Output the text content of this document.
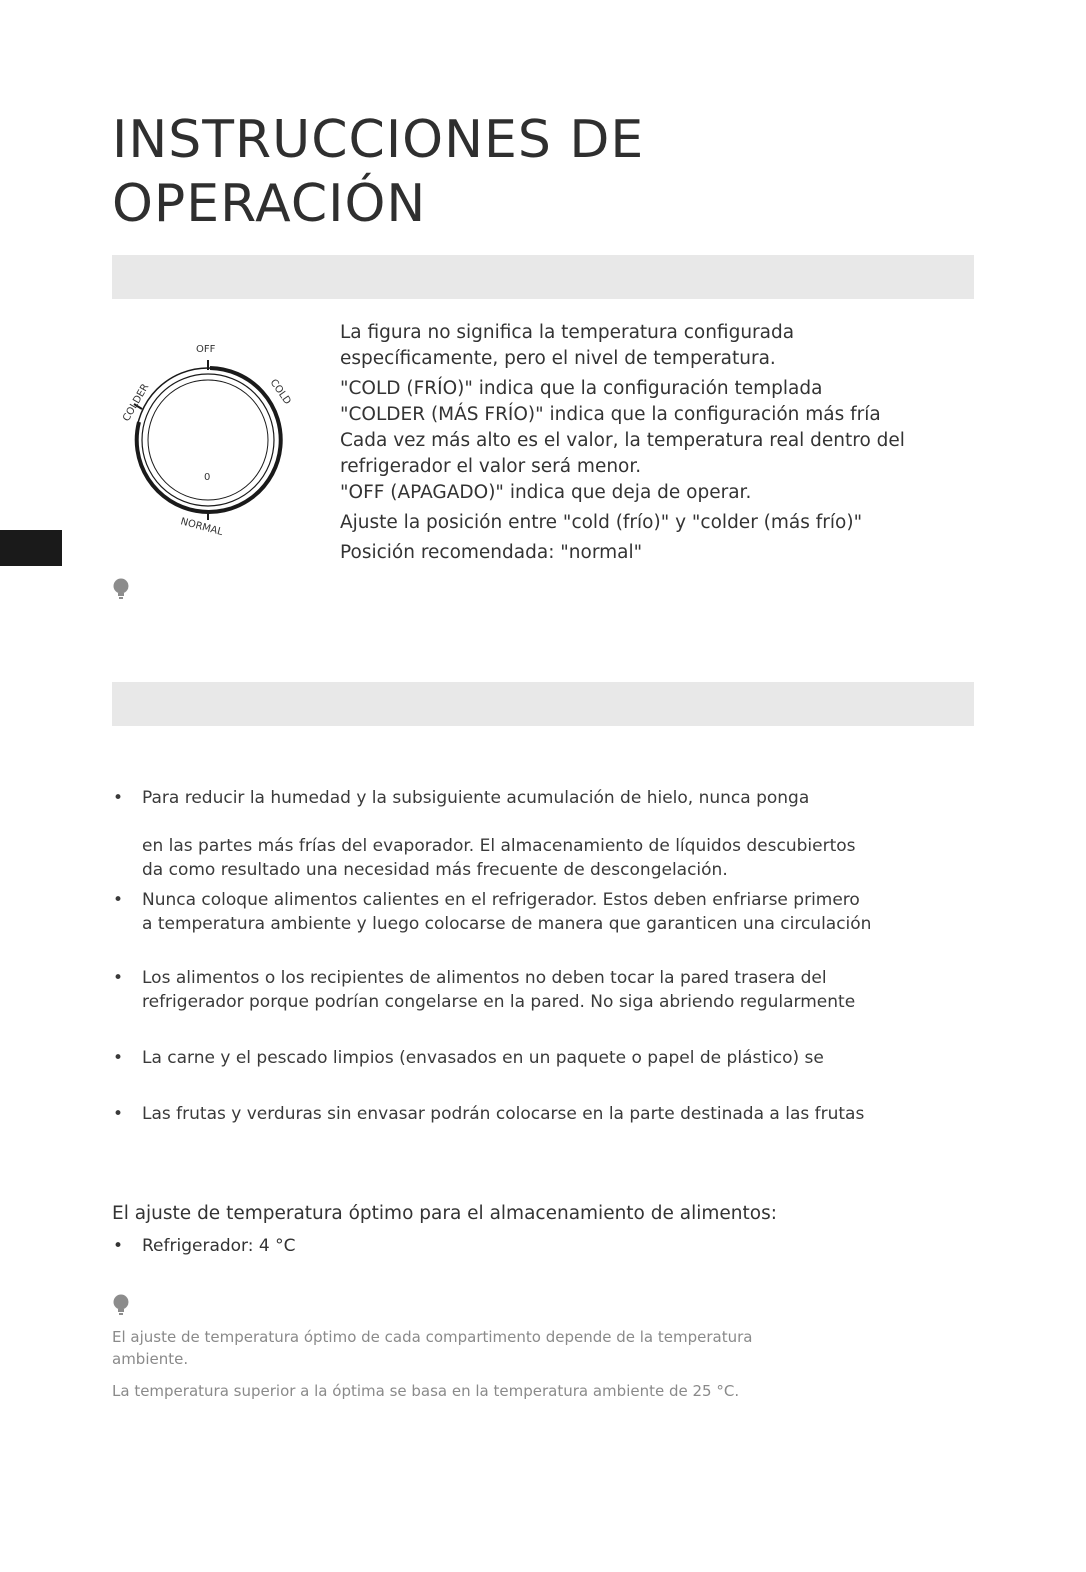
INSTRUCCIONES DE
OPERACIÓN
OFF
COLD
COLDER
NORMAL
0
La figura no significa la temperatura configurada
específicamente, pero el nivel de temperatura.
"COLD (FRÍO)" indica que la configuración templada
"COLDER (MÁS FRÍO)" indica que la configuración más fría
Cada vez más alto es el valor, la temperatura real dentro del
refrigerador el valor será menor.
"OFF (APAGADO)" indica que deja de operar.
Ajuste la posición entre "cold (frío)" y "colder (más frío)"
Posición recomendada: "normal"
• Para reducir la humedad y la subsiguiente acumulación de hielo, nunca ponga
en las partes más frías del evaporador. El almacenamiento de líquidos descubiertos
da como resultado una necesidad más frecuente de descongelación.
• Nunca coloque alimentos calientes en el refrigerador. Estos deben enfriarse primero
a temperatura ambiente y luego colocarse de manera que garanticen una circulación
• Los alimentos o los recipientes de alimentos no deben tocar la pared trasera del
refrigerador porque podrían congelarse en la pared. No siga abriendo regularmente
• La carne y el pescado limpios (envasados en un paquete o papel de plástico) se
• Las frutas y verduras sin envasar podrán colocarse en la parte destinada a las frutas
El ajuste de temperatura óptimo para el almacenamiento de alimentos:
• Refrigerador: 4 °C

El ajuste de temperatura óptimo de cada compartimento depende de la temperatura

ambiente.

La temperatura superior a la óptima se basa en la temperatura ambiente de 25 °C.
